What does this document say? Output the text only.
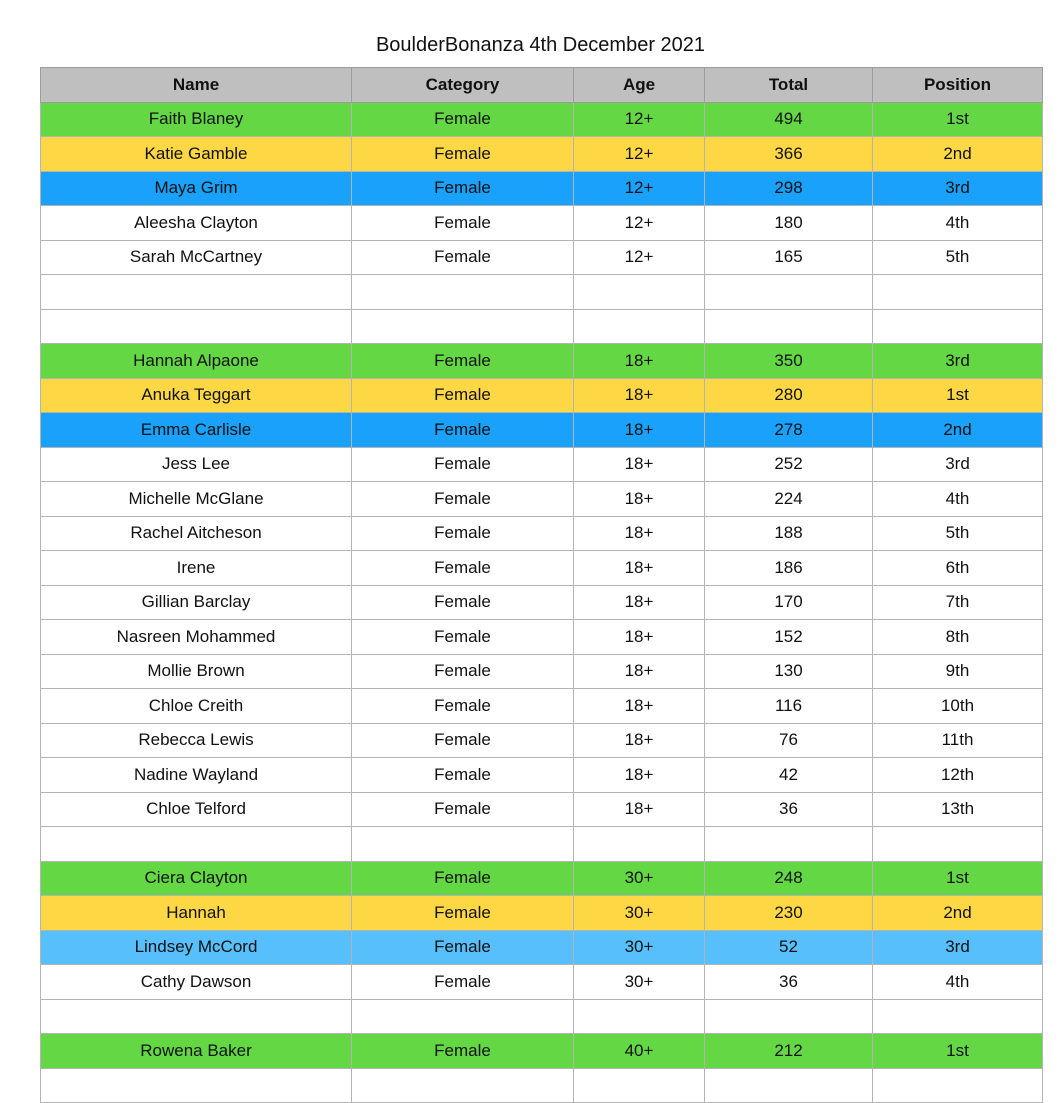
BoulderBonanza 4th December 2021
Name	Category	Age	Total	Position
Faith Blaney	Female	12+	494	1st
Katie Gamble	Female	12+	366	2nd
Maya Grim	Female	12+	298	3rd
Aleesha Clayton	Female	12+	180	4th
Sarah McCartney	Female	12+	165	5th

Hannah Alpaone	Female	18+	350	3rd
Anuka Teggart	Female	18+	280	1st
Emma Carlisle	Female	18+	278	2nd
Jess Lee	Female	18+	252	3rd
Michelle McGlane	Female	18+	224	4th
Rachel Aitcheson	Female	18+	188	5th
Irene	Female	18+	186	6th
Gillian Barclay	Female	18+	170	7th
Nasreen Mohammed	Female	18+	152	8th
Mollie Brown	Female	18+	130	9th
Chloe Creith	Female	18+	116	10th
Rebecca Lewis	Female	18+	76	11th
Nadine Wayland	Female	18+	42	12th
Chloe Telford	Female	18+	36	13th

Ciera Clayton	Female	30+	248	1st
Hannah	Female	30+	230	2nd
Lindsey McCord	Female	30+	52	3rd
Cathy Dawson	Female	30+	36	4th

Rowena Baker	Female	40+	212	1st
